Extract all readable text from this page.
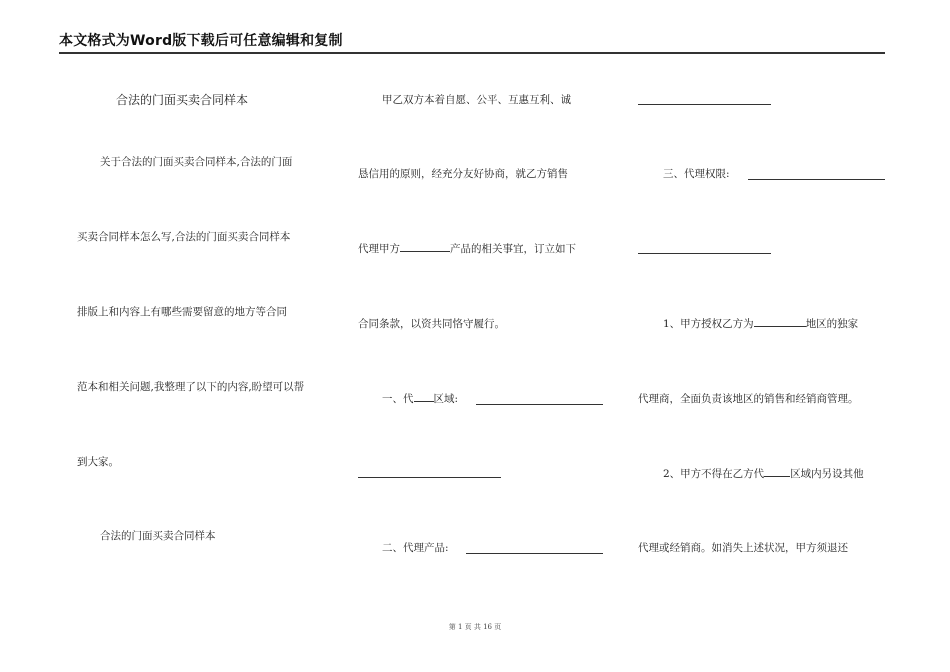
本文格式为Word版下载后可任意编辑和复制
合法的门面买卖合同样本
关于合法的门面买卖合同样本,合法的门面
买卖合同样本怎么写,合法的门面买卖合同样本
排版上和内容上有哪些需要留意的地方等合同
范本和相关问题,我整理了以下的内容,盼望可以帮
到大家。
合法的门面买卖合同样本
甲乙双方本着自愿、公平、互惠互利、诚
恳信用的原则，经充分友好协商，就乙方销售
代理甲方	产品的相关事宜，订立如下
合同条款，以资共同恪守履行。
一、代 区域:
二、代理产品:
三、代理权限:
1、甲方授权乙方为	地区的独家
代理商，全面负责该地区的销售和经销商管理。
2、甲方不得在乙方代 区域内另设其他
代理或经销商。如消失上述状况，甲方须退还
第 1 页 共 16 页
